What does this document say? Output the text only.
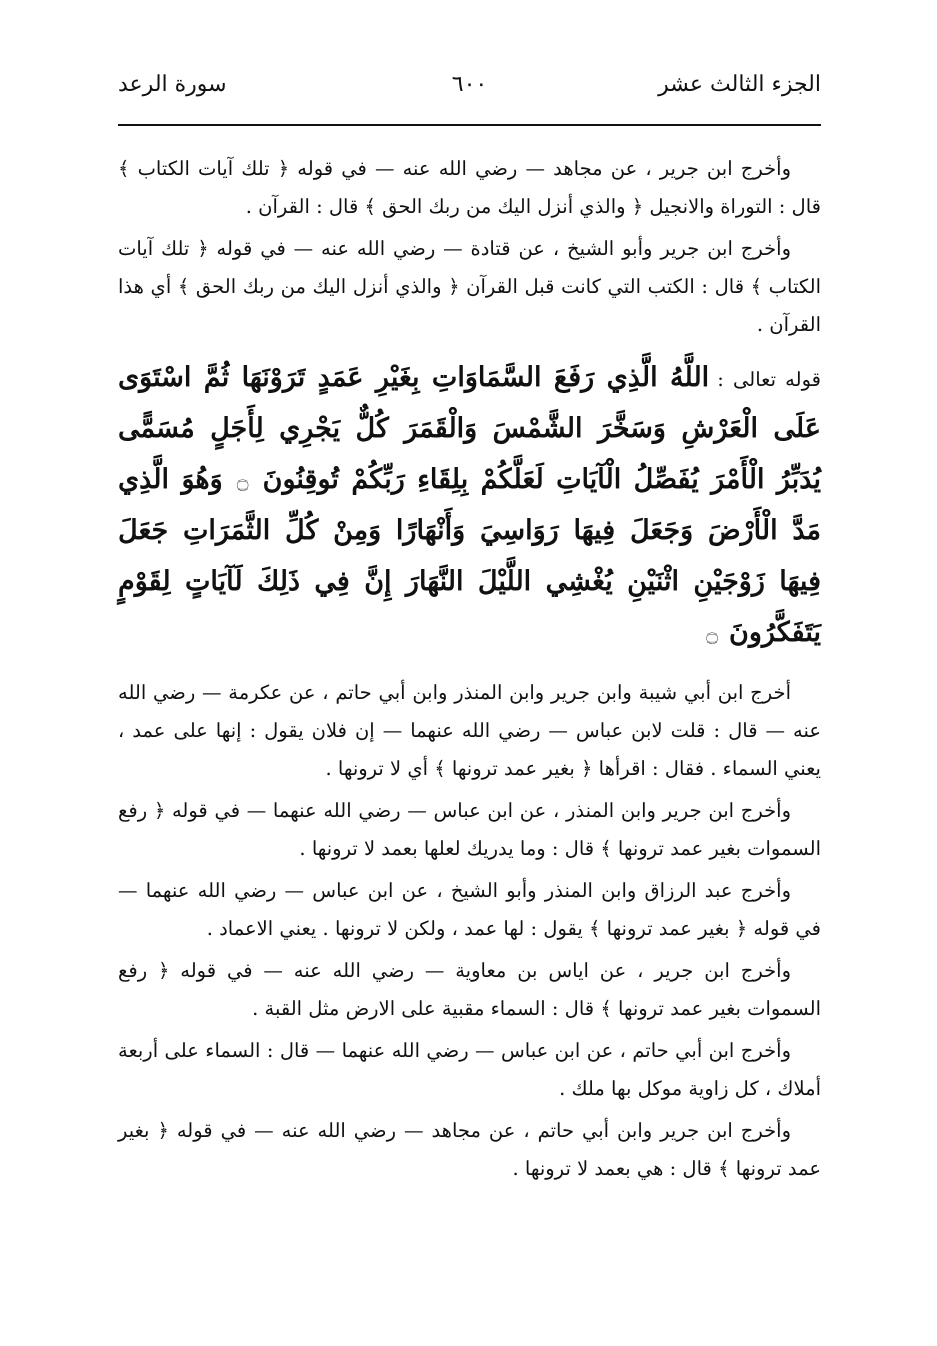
الجزء الثالث عشر
٦٠٠
سورة الرعد

وأخرج ابن جرير ، عن مجاهد — رضي الله عنه — في قوله ﴿ تلك آيات الكتاب ﴾ قال : التوراة والانجيل ﴿ والذي أنزل اليك من ربك الحق ﴾ قال : القرآن .

وأخرج ابن جرير وأبو الشيخ ، عن قتادة — رضي الله عنه — في قوله ﴿ تلك آيات الكتاب ﴾ قال : الكتب التي كانت قبل القرآن ﴿ والذي أنزل اليك من ربك الحق ﴾ أي هذا القرآن .

قوله تعالى : اللَّهُ الَّذِي رَفَعَ السَّمَاوَاتِ بِغَيْرِ عَمَدٍ تَرَوْنَهَا ثُمَّ اسْتَوَى عَلَى الْعَرْشِ وَسَخَّرَ الشَّمْسَ وَالْقَمَرَ كُلٌّ يَجْرِي لِأَجَلٍ مُسَمًّى يُدَبِّرُ الْأَمْرَ يُفَصِّلُ الْآيَاتِ لَعَلَّكُمْ بِلِقَاءِ رَبِّكُمْ تُوقِنُونَ ۝ وَهُوَ الَّذِي مَدَّ الْأَرْضَ وَجَعَلَ فِيهَا رَوَاسِيَ وَأَنْهَارًا وَمِنْ كُلِّ الثَّمَرَاتِ جَعَلَ فِيهَا زَوْجَيْنِ اثْنَيْنِ يُغْشِي اللَّيْلَ النَّهَارَ إِنَّ فِي ذَلِكَ لَآيَاتٍ لِقَوْمٍ يَتَفَكَّرُونَ ۝

أخرج ابن أبي شيبة وابن جرير وابن المنذر وابن أبي حاتم ، عن عكرمة — رضي الله عنه — قال : قلت لابن عباس — رضي الله عنهما — إن فلان يقول : إنها على عمد ، يعني السماء . فقال : اقرأها ﴿ بغير عمد ترونها ﴾ أي لا ترونها .

وأخرج ابن جرير وابن المنذر ، عن ابن عباس — رضي الله عنهما — في قوله ﴿ رفع السموات بغير عمد ترونها ﴾ قال : وما يدريك لعلها بعمد لا ترونها .

وأخرج عبد الرزاق وابن المنذر وأبو الشيخ ، عن ابن عباس — رضي الله عنهما — في قوله ﴿ بغير عمد ترونها ﴾ يقول : لها عمد ، ولكن لا ترونها . يعني الاعماد .

وأخرج ابن جرير ، عن اياس بن معاوية — رضي الله عنه — في قوله ﴿ رفع السموات بغير عمد ترونها ﴾ قال : السماء مقبية على الارض مثل القبة .

وأخرج ابن أبي حاتم ، عن ابن عباس — رضي الله عنهما — قال : السماء على أربعة أملاك ، كل زاوية موكل بها ملك .

وأخرج ابن جرير وابن أبي حاتم ، عن مجاهد — رضي الله عنه — في قوله ﴿ بغير عمد ترونها ﴾ قال : هي بعمد لا ترونها .
